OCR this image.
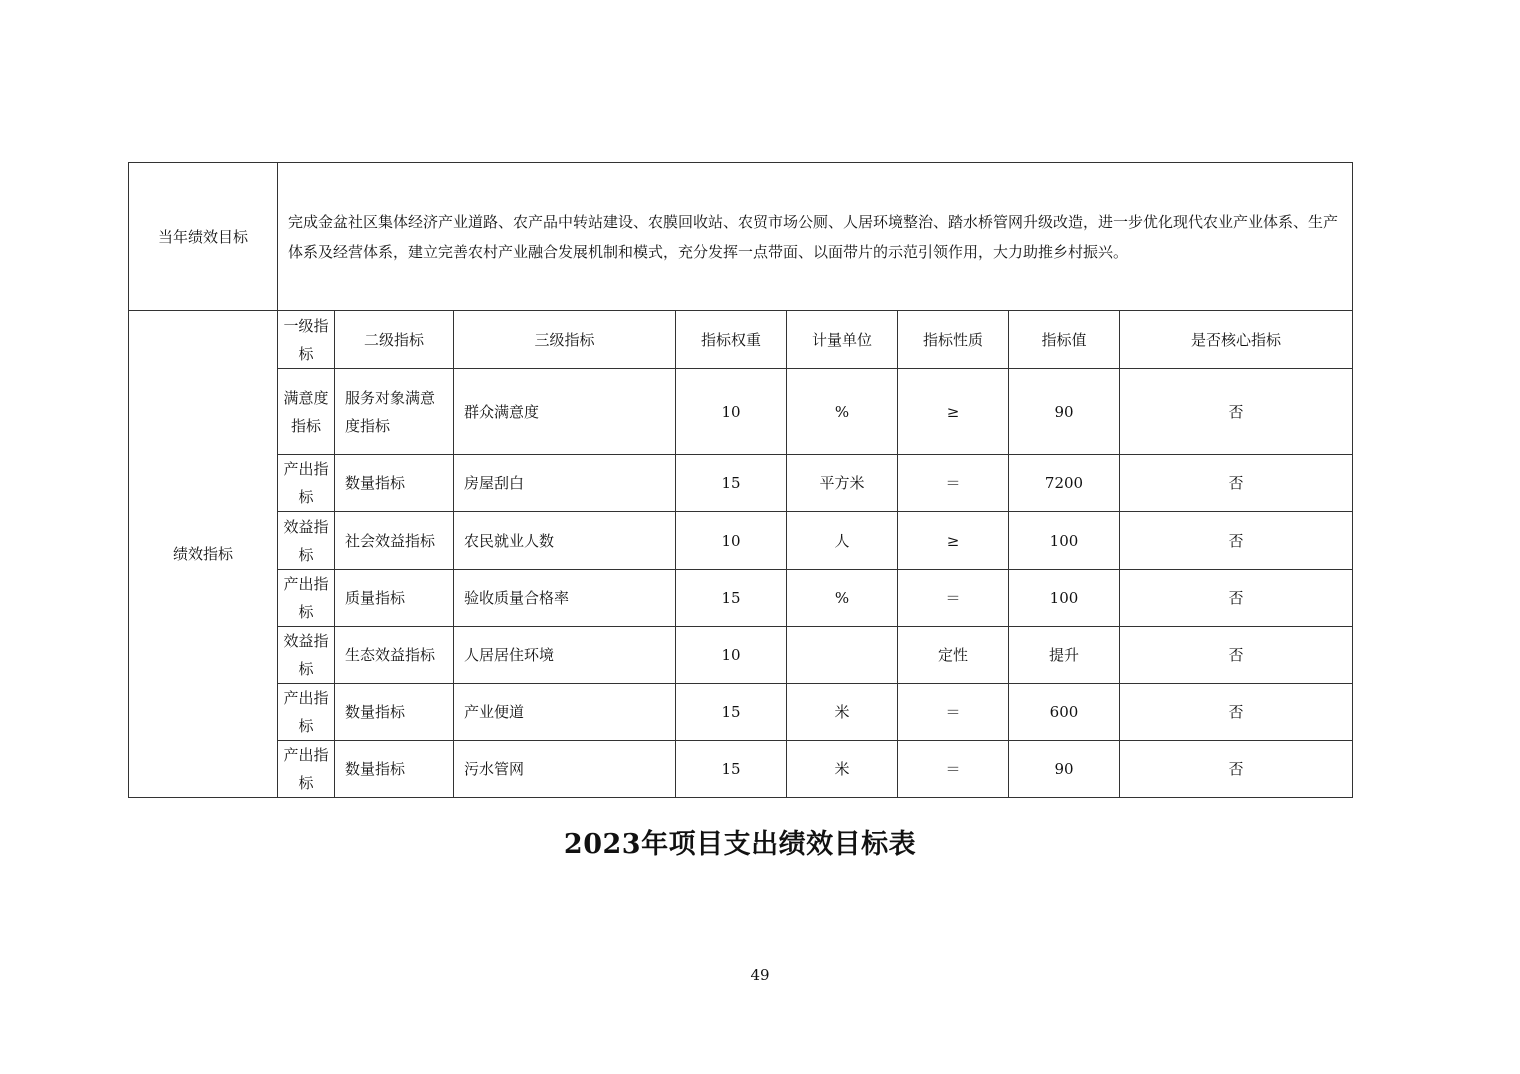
当年绩效目标	完成金盆社区集体经济产业道路、农产品中转站建设、农膜回收站、农贸市场公厕、人居环境整治、踏水桥管网升级改造，进一步优化现代农业产业体系、生产体系及经营体系，建立完善农村产业融合发展机制和模式，充分发挥一点带面、以面带片的示范引领作用，大力助推乡村振兴。							
绩效指标	一级指标	二级指标	三级指标	指标权重	计量单位	指标性质	指标值	是否核心指标
	满意度指标	服务对象满意度指标	群众满意度	10	%	≥	90	否
	产出指标	数量指标	房屋刮白	15	平方米	＝	7200	否
	效益指标	社会效益指标	农民就业人数	10	人	≥	100	否
	产出指标	质量指标	验收质量合格率	15	%	＝	100	否
	效益指标	生态效益指标	人居居住环境	10		定性	提升	否
	产出指标	数量指标	产业便道	15	米	＝	600	否
	产出指标	数量指标	污水管网	15	米	＝	90	否
2023年项目支出绩效目标表
49
